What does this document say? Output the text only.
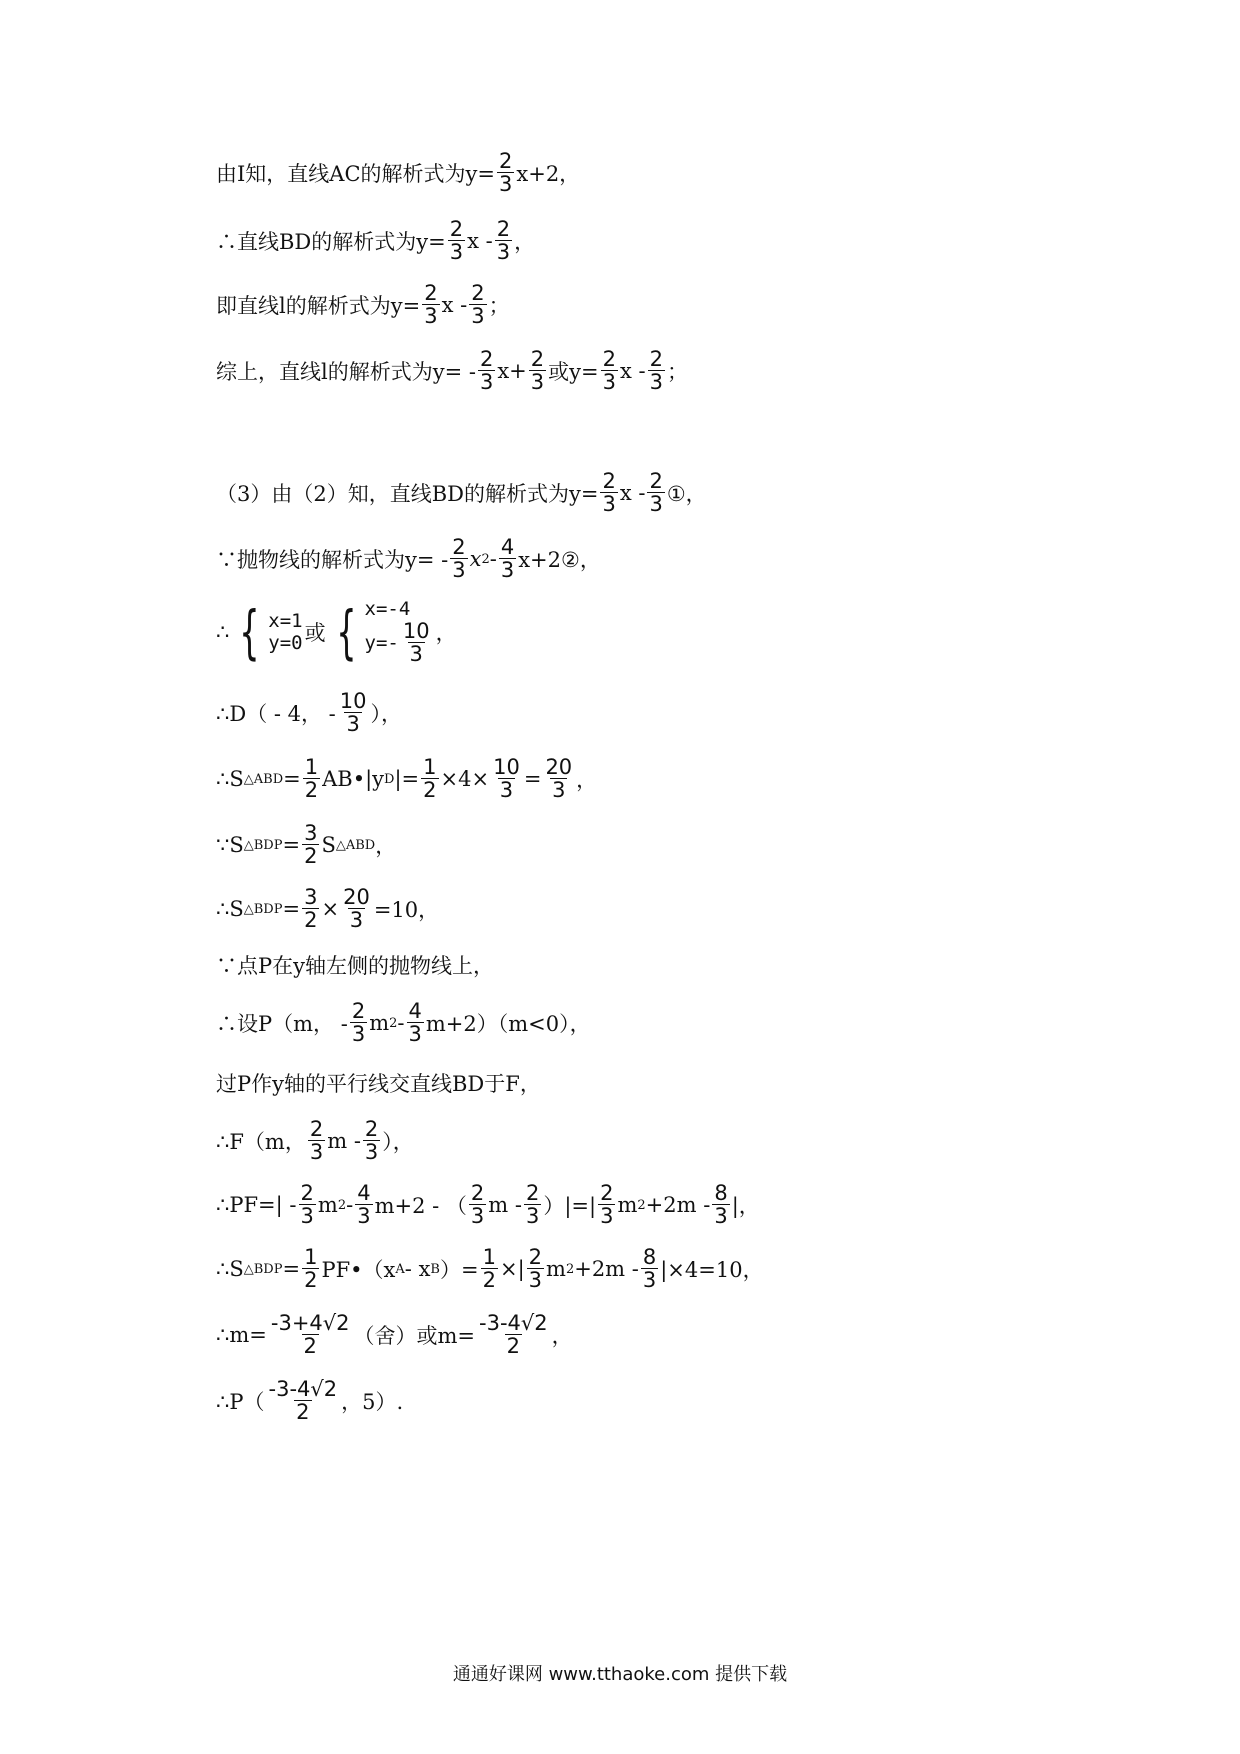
由Ⅰ知，直线AC的解析式为$y= \frac{2}{3} x+2$，
∴直线BD的解析式为$y= \frac{2}{3}$ x -
2
3 ，
即直线l的解析式为$y= \frac{2}{3}$ x -
2
3 ；
综上，直线l的解析式为y= -
2
3 $x+ \frac{2}{3}$ 或$y= \frac{2}{3}$ x -
2
3 ；
（3）由（2）知，直线BD的解析式为$y= \frac{2}{3}$ x -
2
3 ①，
∵抛物线的解析式为y= -
2
3 x 2 -
4
3 x+2②，
∴ { x=1
y=0 或 { x=-4
y=-
10
3
，
∴D（ - 4， -
10
3 ），
∴S △ABD = $\frac{1}{2}$ AB•|y D |= $\frac{1}{2} \times 4\times \frac{10}{3} = \frac{20}{3}$ ，
∵S △BDP = $\frac{3}{2}$ S △ABD ，
∴S △BDP = $\frac{3}{2} \times \frac{20}{3} =10$，
∵点P在y轴左侧的抛物线上，
∴设P（m， -
2
3 m 2 -
4
3 m+2）（m<0），
过P作y轴的平行线交直线BD于F，
∴F（m，
2
3 m -
2
3 ），
∴PF=| -
2
3 m 2 -
4
3 m+2 - （
2
3 m -
2
3 ）|=|
2
3 m 2 +2m -
8
3 |，
∴S △BDP = $\frac{1}{2}$ PF•（x A - x B ）= $\frac{1}{2}$ ×|
2
3 m 2 +2m -
8
3 |×4=10，
∴m= $\frac{-3+4√2}{2}$ （舍）或$m= \frac{-3-4√2}{2}$ ，
∴P（
-3-4√2
2 ，5）.
通通好课网 www.tthaoke.com 提供下载
